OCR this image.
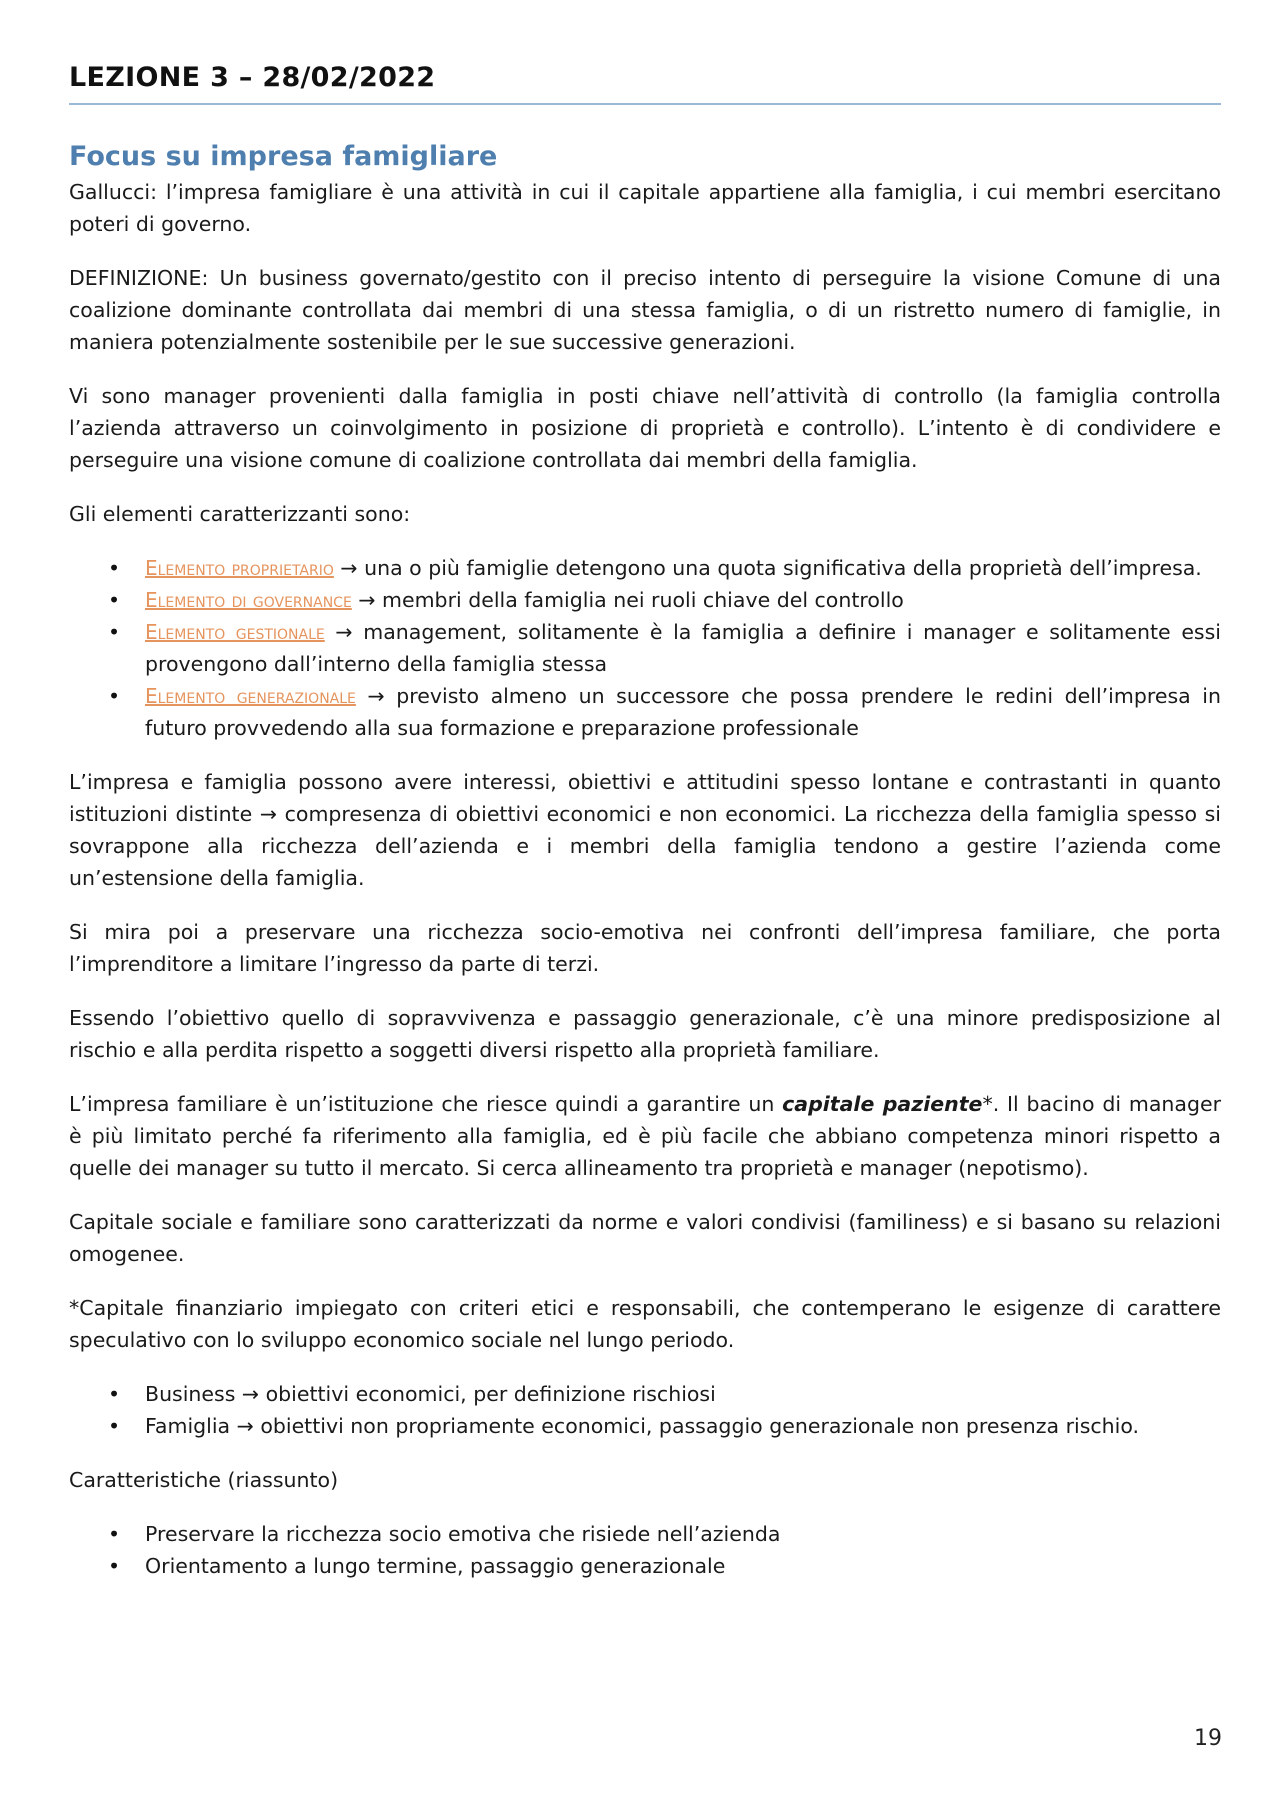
LEZIONE 3 – 28/02/2022
Focus su impresa famigliare

Gallucci: l’impresa famigliare è una attività in cui il capitale appartiene alla famiglia, i cui membri esercitano poteri di governo.

DEFINIZIONE: Un business governato/gestito con il preciso intento di perseguire la visione Comune di una coalizione dominante controllata dai membri di una stessa famiglia, o di un ristretto numero di famiglie, in maniera potenzialmente sostenibile per le sue successive generazioni.

Vi sono manager provenienti dalla famiglia in posti chiave nell’attività di controllo (la famiglia controlla l’azienda attraverso un coinvolgimento in posizione di proprietà e controllo). L’intento è di condividere e perseguire una visione comune di coalizione controllata dai membri della famiglia.

Gli elementi caratterizzanti sono:

• Elemento proprietario → una o più famiglie detengono una quota significativa della proprietà dell’impresa.
• Elemento di governance → membri della famiglia nei ruoli chiave del controllo
• Elemento gestionale → management, solitamente è la famiglia a definire i manager e solitamente essi provengono dall’interno della famiglia stessa
• Elemento generazionale → previsto almeno un successore che possa prendere le redini dell’impresa in futuro provvedendo alla sua formazione e preparazione professionale

L’impresa e famiglia possono avere interessi, obiettivi e attitudini spesso lontane e contrastanti in quanto istituzioni distinte → compresenza di obiettivi economici e non economici. La ricchezza della famiglia spesso si sovrappone alla ricchezza dell’azienda e i membri della famiglia tendono a gestire l’azienda come un’estensione della famiglia.

Si mira poi a preservare una ricchezza socio-emotiva nei confronti dell’impresa familiare, che porta l’imprenditore a limitare l’ingresso da parte di terzi.

Essendo l’obiettivo quello di sopravvivenza e passaggio generazionale, c’è una minore predisposizione al rischio e alla perdita rispetto a soggetti diversi rispetto alla proprietà familiare.

L’impresa familiare è un’istituzione che riesce quindi a garantire un capitale paziente*. Il bacino di manager è più limitato perché fa riferimento alla famiglia, ed è più facile che abbiano competenza minori rispetto a quelle dei manager su tutto il mercato. Si cerca allineamento tra proprietà e manager (nepotismo).

Capitale sociale e familiare sono caratterizzati da norme e valori condivisi (familiness) e si basano su relazioni omogenee.

*Capitale finanziario impiegato con criteri etici e responsabili, che contemperano le esigenze di carattere speculativo con lo sviluppo economico sociale nel lungo periodo.

• Business → obiettivi economici, per definizione rischiosi
• Famiglia → obiettivi non propriamente economici, passaggio generazionale non presenza rischio.

Caratteristiche (riassunto)

• Preservare la ricchezza socio emotiva che risiede nell’azienda
• Orientamento a lungo termine, passaggio generazionale
19
